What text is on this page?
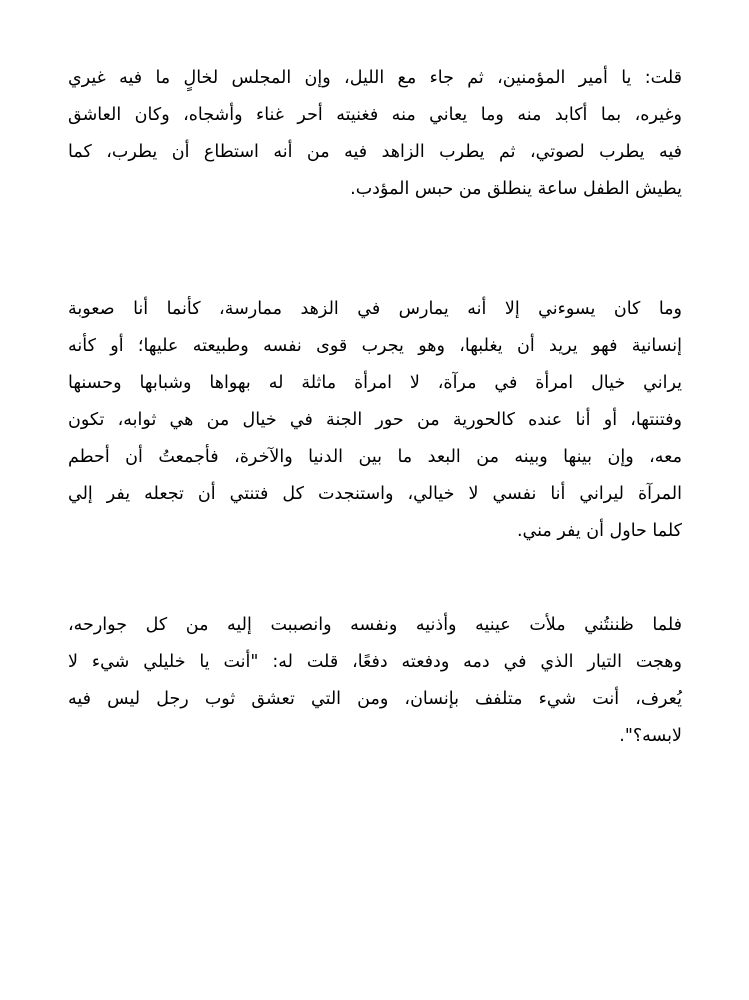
قلت: يا أمير المؤمنين، ثم جاء مع الليل، وإن المجلس لخالٍ ما فيه غيري
وغيره، بما أكابد منه وما يعاني منه فغنيته أحر غناء وأشجاه، وكان العاشق
فيه يطرب لصوتي، ثم يطرب الزاهد فيه من أنه استطاع أن يطرب، كما
يطيش الطفل ساعة ينطلق من حبس المؤدب.
وما كان يسوءني إلا أنه يمارس في الزهد ممارسة، كأنما أنا صعوبة
إنسانية فهو يريد أن يغلبها، وهو يجرب قوى نفسه وطبيعته عليها؛ أو كأنه
يراني خيال امرأة في مرآة، لا امرأة ماثلة له بهواها وشبابها وحسنها
وفتنتها، أو أنا عنده كالحورية من حور الجنة في خيال من هي ثوابه، تكون
معه، وإن بينها وبينه من البعد ما بين الدنيا والآخرة، فأجمعتُ أن أحطم
المرآة ليراني أنا نفسي لا خيالي، واستنجدت كل فتنتي أن تجعله يفر إلي
كلما حاول أن يفر مني.
فلما ظننتُني ملأت عينيه وأذنيه ونفسه وانصببت إليه من كل جوارحه،
وهجت التيار الذي في دمه ودفعته دفعًا، قلت له: "أنت يا خليلي شيء لا
يُعرف، أنت شيء متلفف بإنسان، ومن التي تعشق ثوب رجل ليس فيه
لابسه؟".
